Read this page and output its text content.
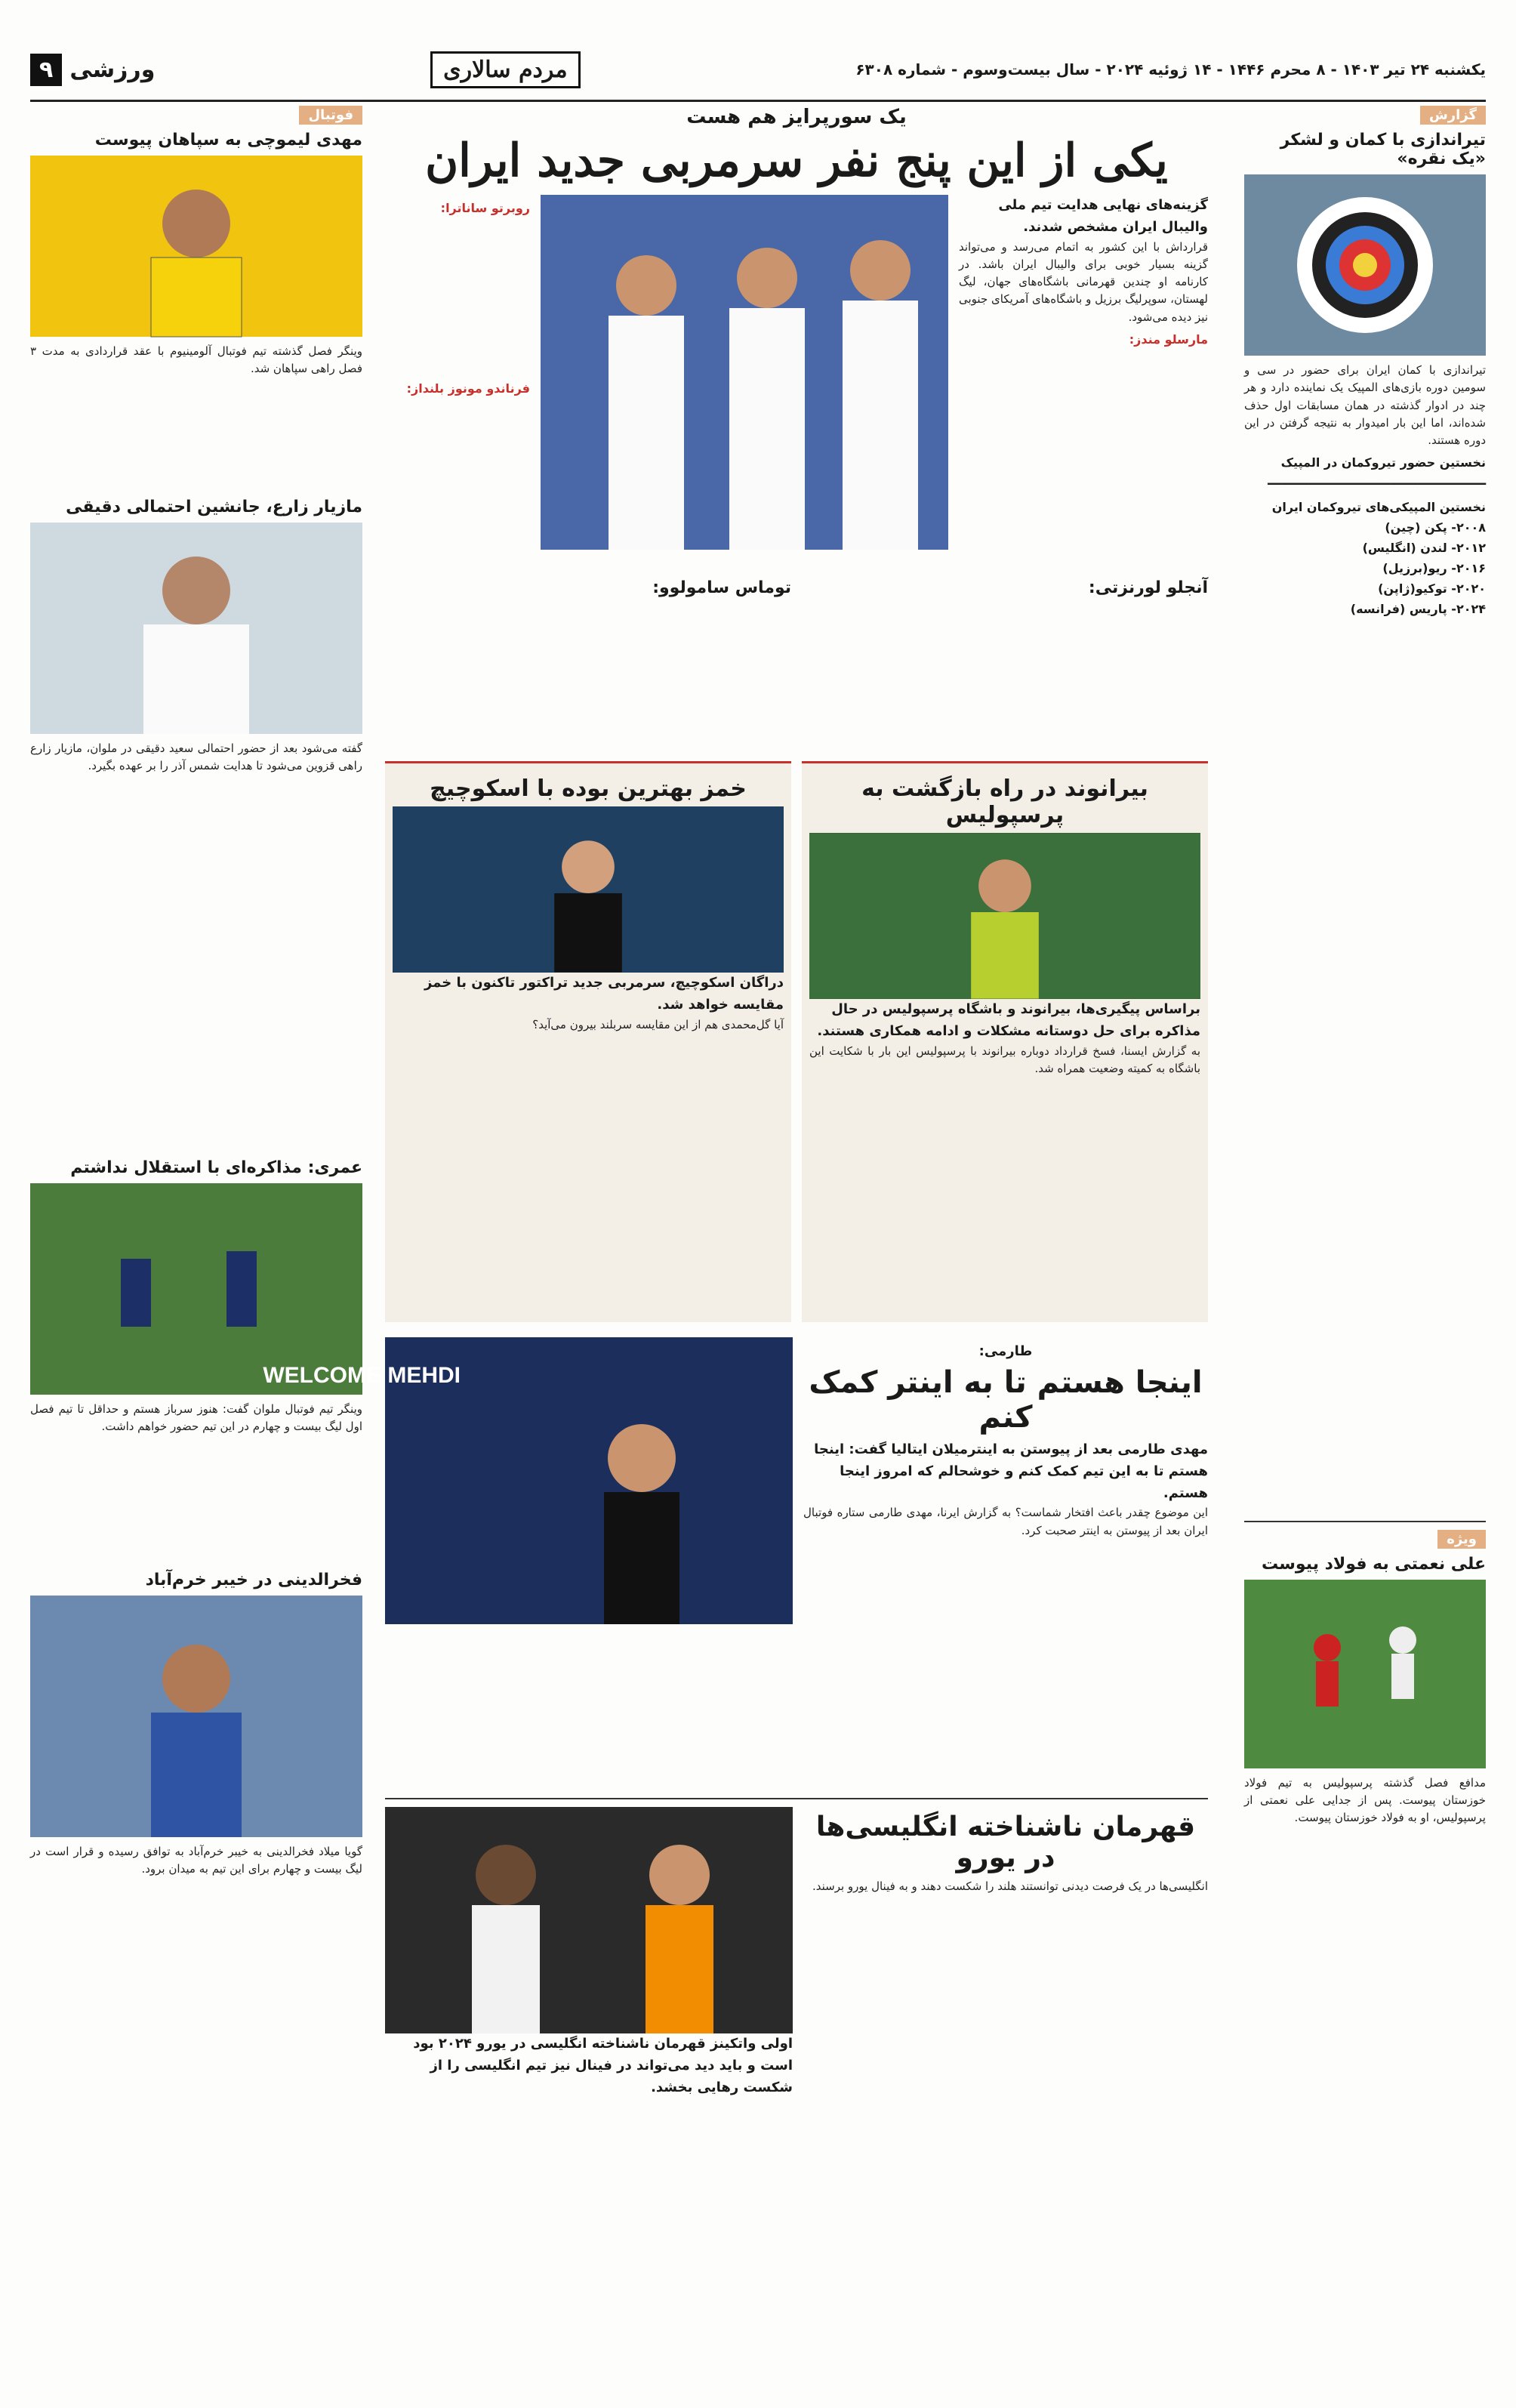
۹ ورزشی	مردم سالاری	یکشنبه ۲۴ تیر ۱۴۰۳ - ۸ محرم ۱۴۴۶ - ۱۴ ژوئیه ۲۰۲۴ - سال بیست‌وسوم - شماره ۶۳۰۸
گزارش
تیراندازی با کمان و لشکر «یک نقره»
تیراندازی با کمان ایران برای حضور در سی و سومین دوره بازی‌های المپیک یک نماینده دارد و هر چند در ادوار گذشته در همان مسابقات اول حذف شده‌اند، اما این بار امیدوار به نتیجه گرفتن در این دوره هستند.
نخستین حضور تیروکمان در المپیک
━━━━━━━━━━━━━━━━━━━━━━━━━━━━━━━━
نخستین المپیکی‌های تیروکمان ایران
۲۰۰۸- پکن (چین)
۲۰۱۲- لندن (انگلیس)
۲۰۱۶- ریو(برزیل)
۲۰۲۰- توکیو(ژاپن)
۲۰۲۴- پاریس (فرانسه)
ویژه
علی نعمتی به فولاد پیوست
مدافع فصل گذشته پرسپولیس به تیم فولاد خوزستان پیوست. پس از جدایی علی نعمتی از پرسپولیس، او به فولاد خوزستان پیوست.
فوتبال
مهدی لیموچی به سپاهان پیوست
وینگر فصل گذشته تیم فوتبال آلومینیوم با عقد قراردادی به مدت ۳ فصل راهی سپاهان شد.
مازیار زارع، جانشین احتمالی دقیقی
گفته می‌شود بعد از حضور احتمالی سعید دقیقی در ملوان، مازیار زارع راهی قزوین می‌شود تا هدایت شمس آذر را بر عهده بگیرد.
عمری: مذاکره‌ای با استقلال نداشتم
وینگر تیم فوتبال ملوان گفت: هنوز سرباز هستم و حداقل تا تیم فصل اول لیگ بیست و چهارم در این تیم حضور خواهم داشت.
فخرالدینی در خیبر خرم‌آباد
گویا میلاد فخرالدینی به خیبر خرم‌آباد به توافق رسیده و قرار است در لیگ بیست و چهارم برای این تیم به میدان برود.
یک سورپرایز هم هست
یکی از این پنج نفر سرمربی جدید ایران
گزینه‌های نهایی هدایت تیم ملی والیبال ایران مشخص شدند.
قرارداش با این کشور به اتمام می‌رسد و می‌تواند گزینه بسیار خوبی برای والیبال ایران باشد. در کارنامه او چندین قهرمانی باشگاه‌های جهان، لیگ لهستان، سوپرلیگ برزیل و باشگاه‌های آمریکای جنوبی نیز دیده می‌شود.
مارسلو مندز:
روبرتو ساناترا:
فرناندو مونوز بلنداز:
آنجلو لورنزتی:
توماس سامولوو:
بیرانوند در راه بازگشت به پرسپولیس
براساس پیگیری‌ها، بیرانوند و باشگاه پرسپولیس در حال مذاکره برای حل دوستانه مشکلات و ادامه همکاری هستند.
به گزارش ایسنا، فسخ قرارداد دوباره بیرانوند با پرسپولیس این بار با شکایت این باشگاه به کمیته وضعیت همراه شد.
خمز بهترین بوده با اسکوچیچ
دراگان اسکوچیچ، سرمربی جدید تراکتور تاکنون با خمز مقایسه خواهد شد.
آیا گل‌محمدی هم از این مقایسه سربلند بیرون می‌آید؟
طارمی:
اینجا هستم تا به اینتر کمک کنم
مهدی طارمی بعد از پیوستن به اینترمیلان ایتالیا گفت: اینجا هستم تا به این تیم کمک کنم و خوشحالم که امروز اینجا هستم.
این موضوع چقدر باعث افتخار شماست؟ به گزارش ایرنا، مهدی طارمی ستاره فوتبال ایران بعد از پیوستن به اینتر صحبت کرد.
WELCOME MEHDI
قهرمان ناشناخته انگلیسی‌ها در یورو
انگلیسی‌ها در یک فرصت دیدنی توانستند هلند را شکست دهند و به فینال یورو برسند.
اولی واتکینز قهرمان ناشناخته انگلیسی در یورو ۲۰۲۴ بود است و باید دید می‌تواند در فینال نیز تیم انگلیسی را از شکست رهایی بخشد.
